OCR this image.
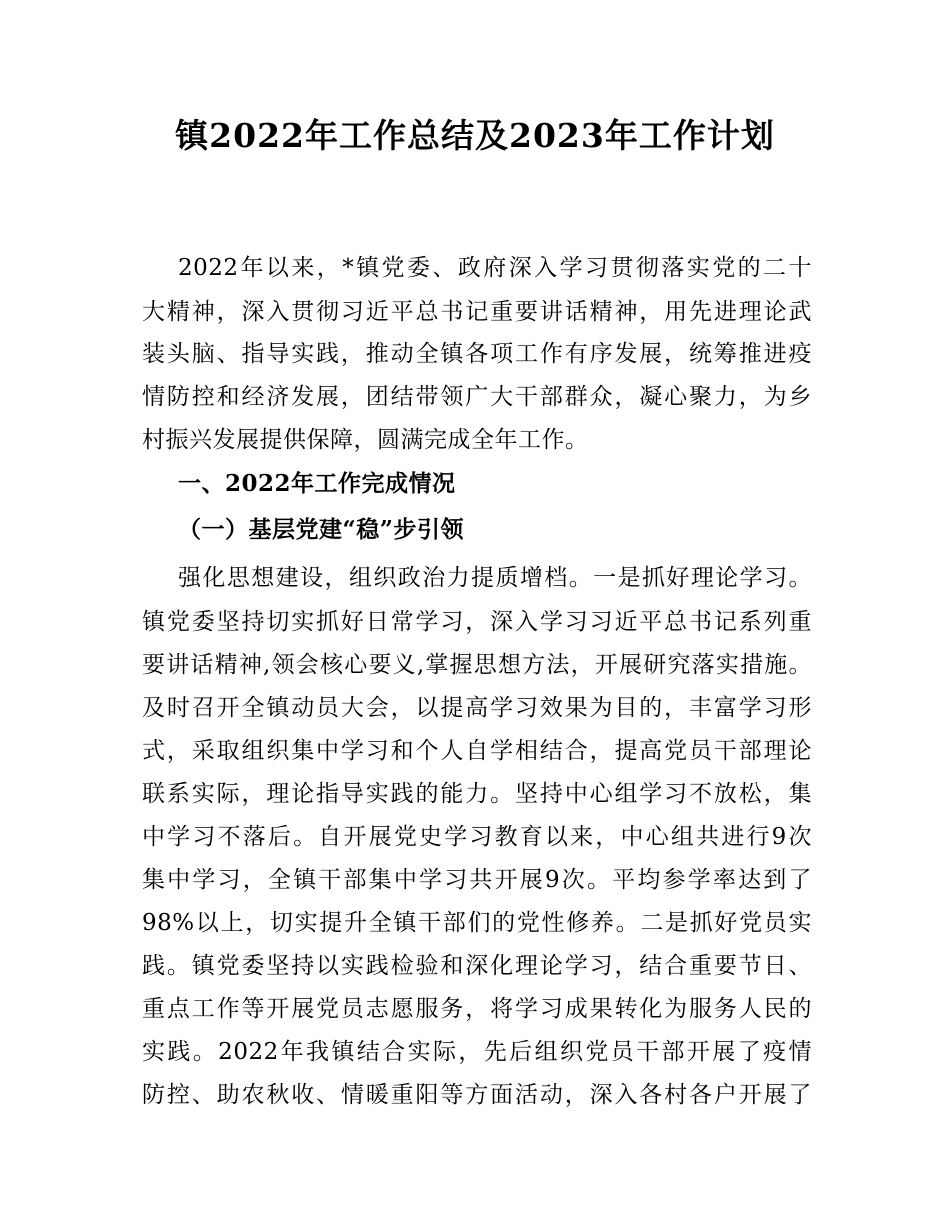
镇2022年工作总结及2023年工作计划
2022年以来，*镇党委、政府深入学习贯彻落实党的二十
大精神，深入贯彻习近平总书记重要讲话精神，用先进理论武
装头脑、指导实践，推动全镇各项工作有序发展，统筹推进疫
情防控和经济发展，团结带领广大干部群众，凝心聚力，为乡
村振兴发展提供保障，圆满完成全年工作。
一、2022年工作完成情况
（一）基层党建“稳”步引领
强化思想建设，组织政治力提质增档。一是抓好理论学习。
镇党委坚持切实抓好日常学习，深入学习习近平总书记系列重
要讲话精神,领会核心要义,掌握思想方法，开展研究落实措施。
及时召开全镇动员大会，以提高学习效果为目的，丰富学习形
式，采取组织集中学习和个人自学相结合，提高党员干部理论
联系实际，理论指导实践的能力。坚持中心组学习不放松，集
中学习不落后。自开展党史学习教育以来，中心组共进行9次
集中学习，全镇干部集中学习共开展9次。平均参学率达到了
98%以上，切实提升全镇干部们的党性修养。二是抓好党员实
践。镇党委坚持以实践检验和深化理论学习，结合重要节日、
重点工作等开展党员志愿服务，将学习成果转化为服务人民的
实践。2022年我镇结合实际，先后组织党员干部开展了疫情
防控、助农秋收、情暖重阳等方面活动，深入各村各户开展了
